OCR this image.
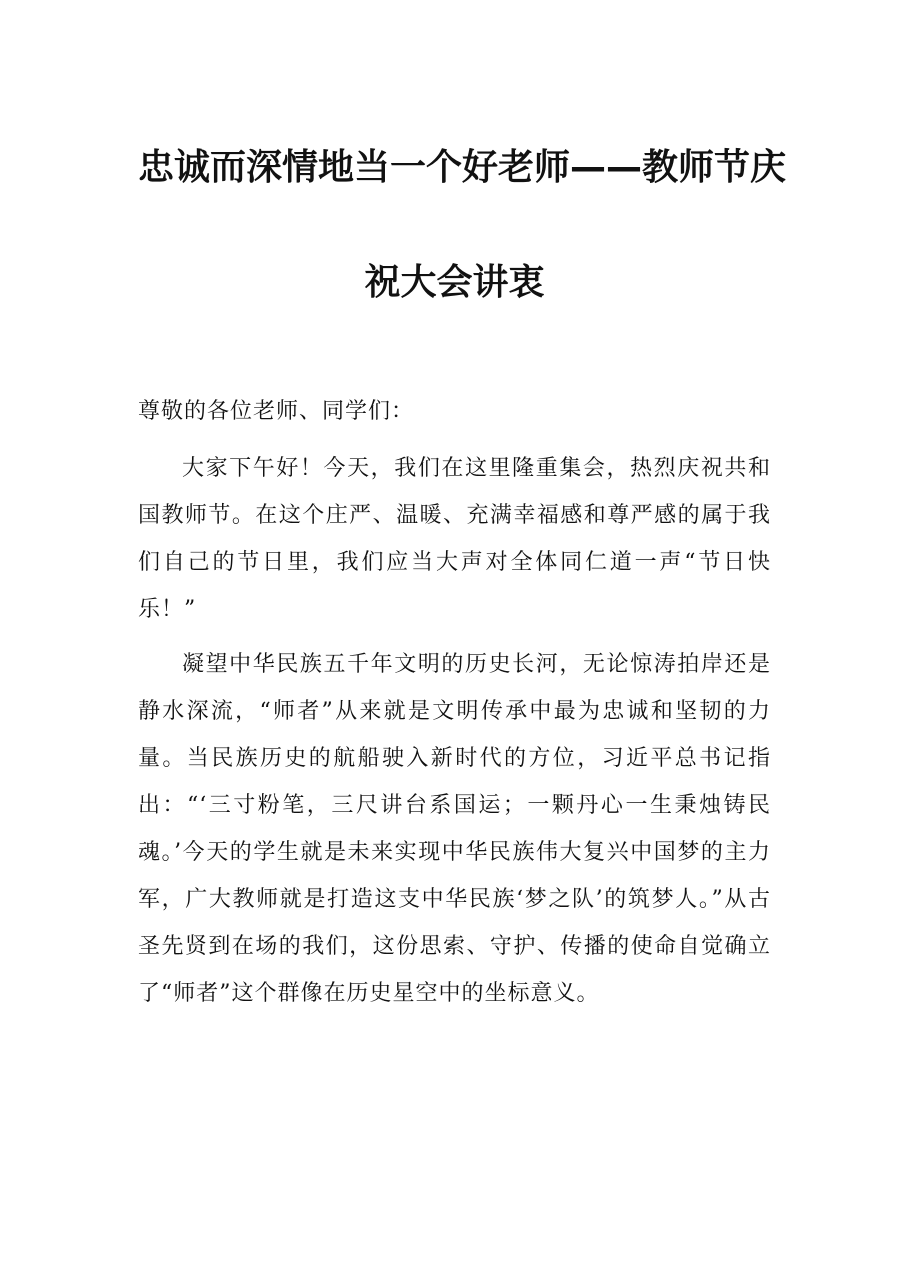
忠诚而深情地当一个好老师——教师节庆
祝大会讲衷
尊敬的各位老师、同学们：

大家下午好！今天，我们在这里隆重集会，热烈庆祝共和国教师节。在这个庄严、温暖、充满幸福感和尊严感的属于我们自己的节日里，我们应当大声对全体同仁道一声“节日快乐！”

凝望中华民族五千年文明的历史长河，无论惊涛拍岸还是静水深流，“师者”从来就是文明传承中最为忠诚和坚韧的力量。当民族历史的航船驶入新时代的方位，习近平总书记指出：“‘三寸粉笔，三尺讲台系国运；一颗丹心一生秉烛铸民魂。’今天的学生就是未来实现中华民族伟大复兴中国梦的主力军，广大教师就是打造这支中华民族‘梦之队’的筑梦人。”从古圣先贤到在场的我们，这份思索、守护、传播的使命自觉确立了“师者”这个群像在历史星空中的坐标意义。
